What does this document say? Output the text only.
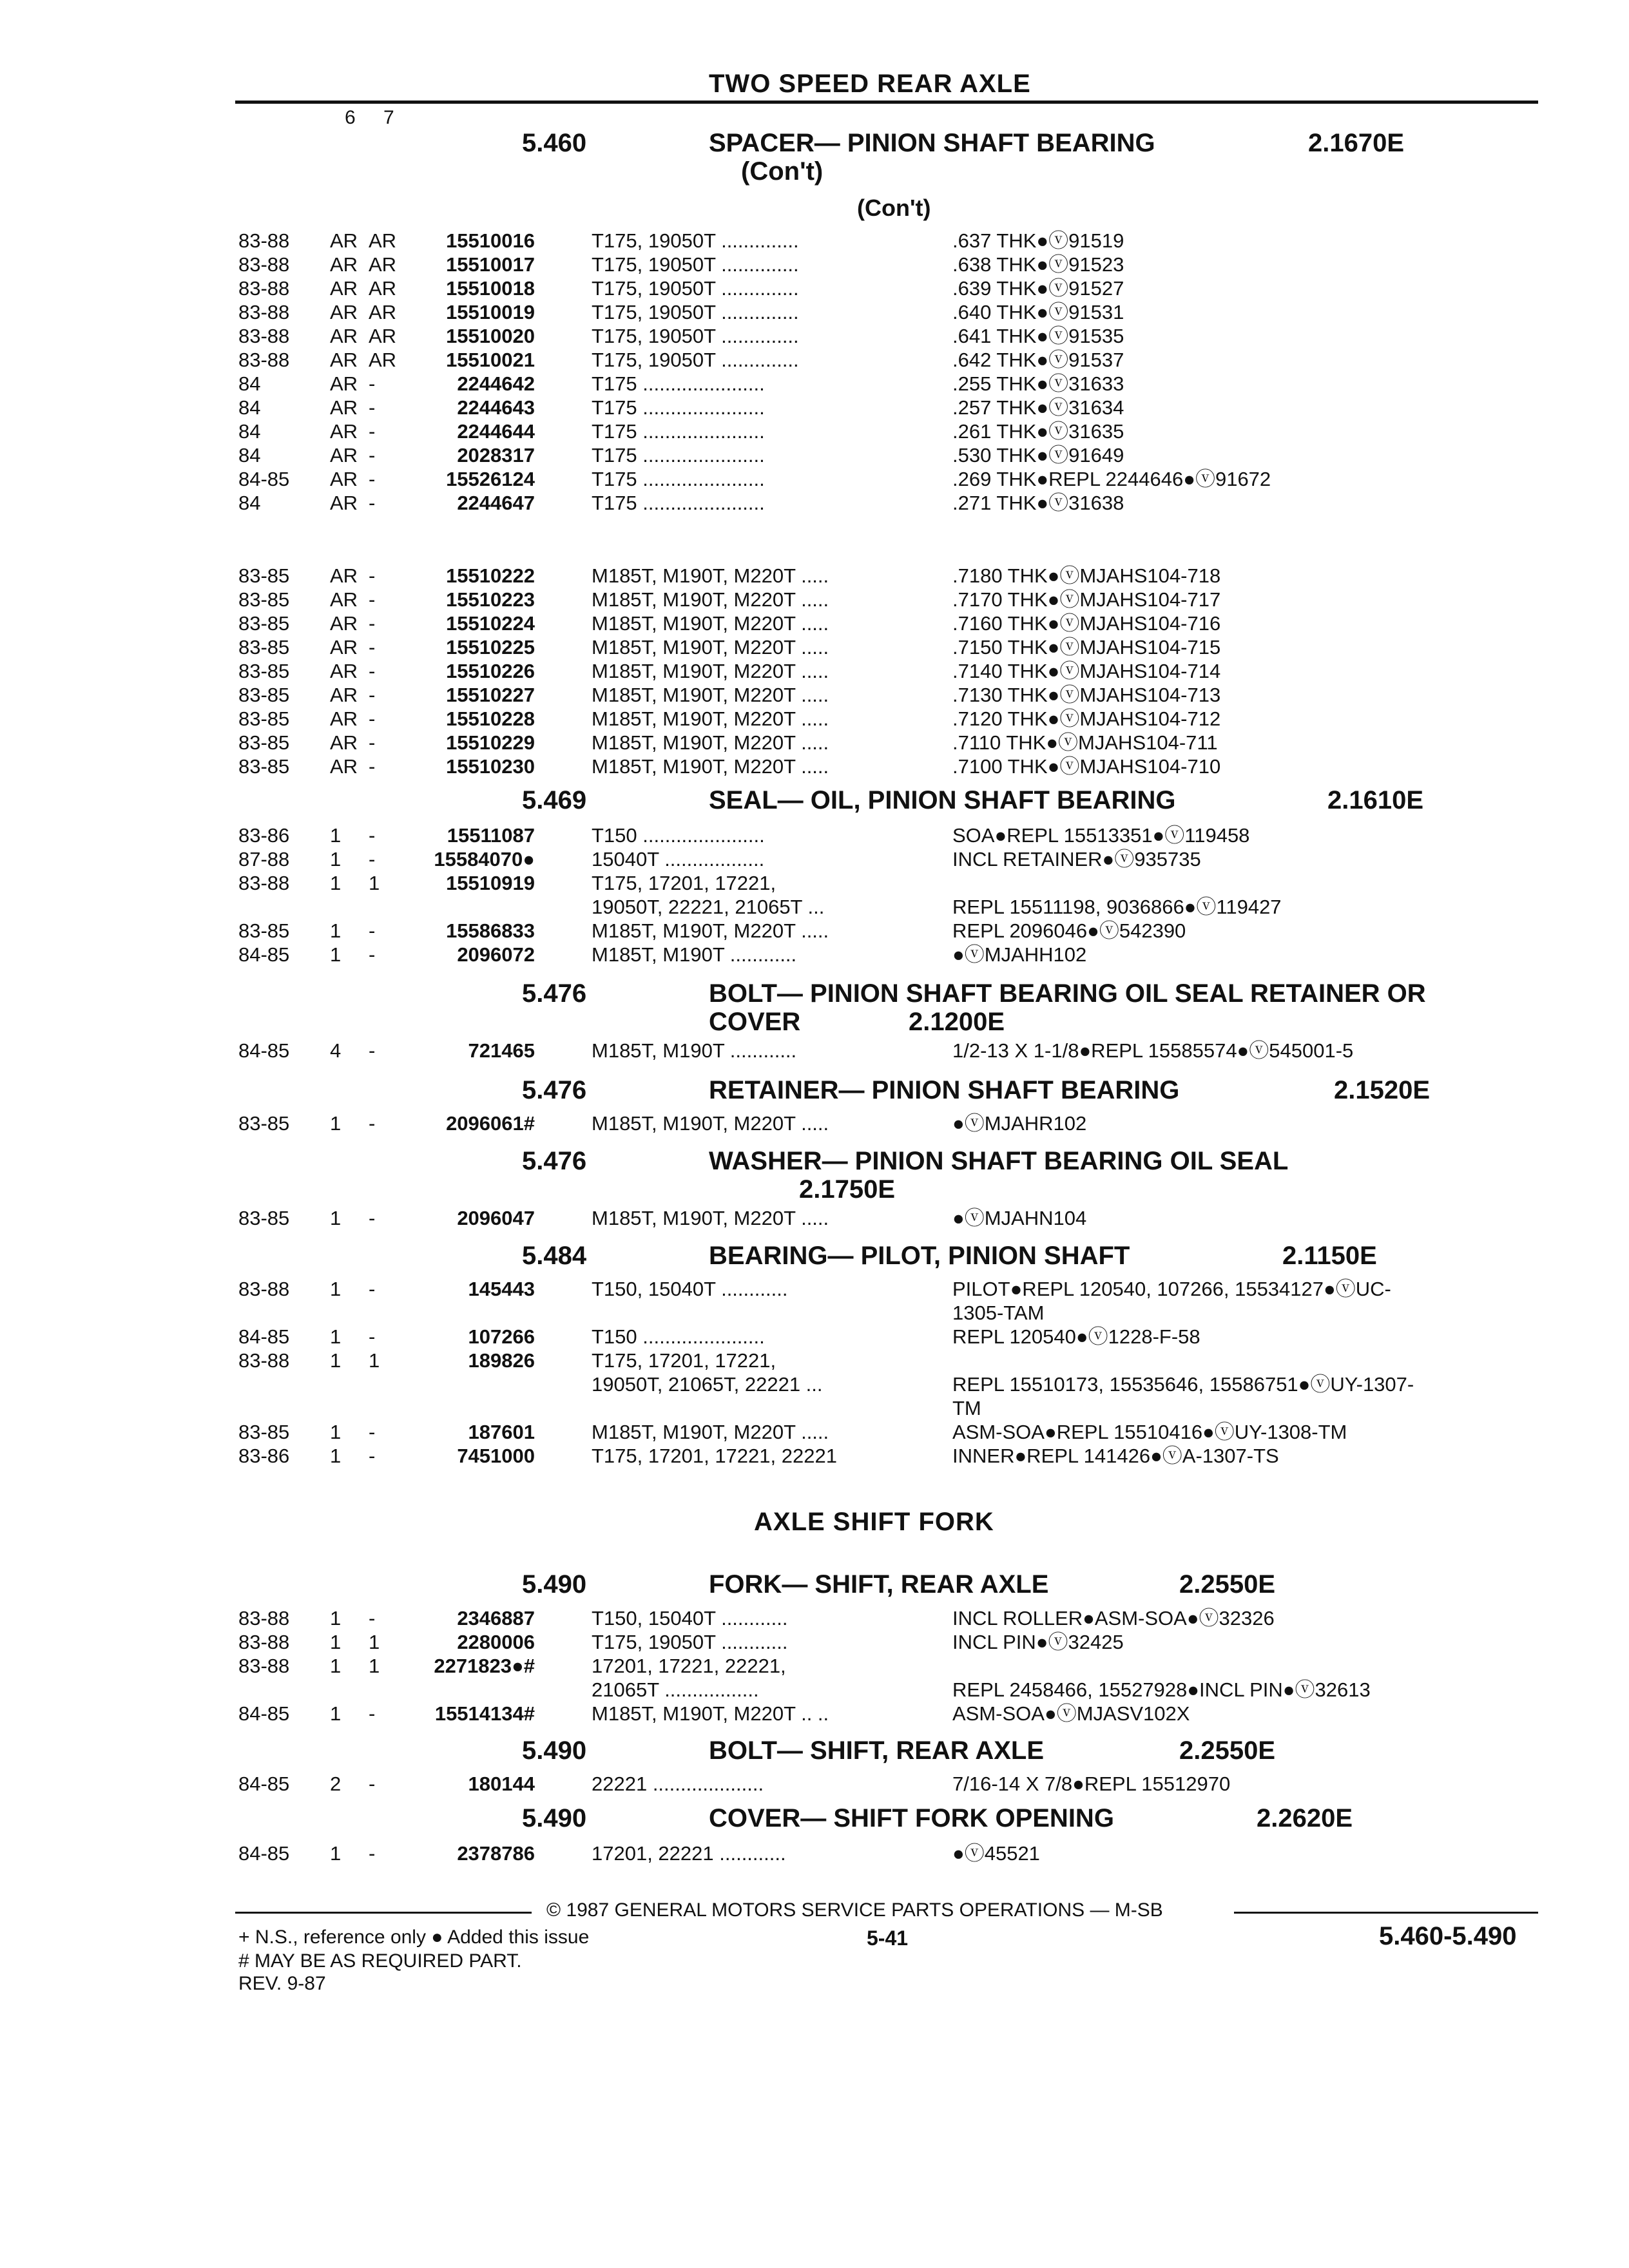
TWO SPEED REAR AXLE
6 7
5.460	SPACER— PINION SHAFT BEARING	2.1670E
(Con't)
(Con't)
83-88 AR AR	15510016	T175, 19050T ..............	.637 THK●ⓥ91519
83-88 AR AR	15510017	T175, 19050T ..............	.638 THK●ⓥ91523
83-88 AR AR	15510018	T175, 19050T ..............	.639 THK●ⓥ91527
83-88 AR AR	15510019	T175, 19050T ..............	.640 THK●ⓥ91531
83-88 AR AR	15510020	T175, 19050T ..............	.641 THK●ⓥ91535
83-88 AR AR	15510021	T175, 19050T ..............	.642 THK●ⓥ91537
84	AR -	2244642	T175 ......................	.255 THK●ⓥ31633
84	AR -	2244643	T175 ......................	.257 THK●ⓥ31634
84	AR -	2244644	T175 ......................	.261 THK●ⓥ31635
84	AR -	2028317	T175 ......................	.530 THK●ⓥ91649
84-85 AR -	15526124	T175 ......................	.269 THK●REPL 2244646●ⓥ91672
84	AR -	2244647	T175 ......................	.271 THK●ⓥ31638
83-85 AR -	15510222	M185T, M190T, M220T .....	.7180 THK●ⓥMJAHS104-718
83-85 AR -	15510223	M185T, M190T, M220T .....	.7170 THK●ⓥMJAHS104-717
83-85 AR -	15510224	M185T, M190T, M220T .....	.7160 THK●ⓥMJAHS104-716
83-85 AR -	15510225	M185T, M190T, M220T .....	.7150 THK●ⓥMJAHS104-715
83-85 AR -	15510226	M185T, M190T, M220T .....	.7140 THK●ⓥMJAHS104-714
83-85 AR -	15510227	M185T, M190T, M220T .....	.7130 THK●ⓥMJAHS104-713
83-85 AR -	15510228	M185T, M190T, M220T .....	.7120 THK●ⓥMJAHS104-712
83-85 AR -	15510229	M185T, M190T, M220T .....	.7110 THK●ⓥMJAHS104-711
83-85 AR -	15510230	M185T, M190T, M220T .....	.7100 THK●ⓥMJAHS104-710
5.469	SEAL— OIL, PINION SHAFT BEARING	2.1610E
83-86 1 -	15511087	T150 ......................	SOA●REPL 15513351●ⓥ119458
87-88 1 -	15584070●	15040T ..................	INCL RETAINER●ⓥ935735
83-88 1 1	15510919	T175, 17201, 17221,
19050T, 22221, 21065T ...	REPL 15511198, 9036866●ⓥ119427
83-85 1 -	15586833	M185T, M190T, M220T .....	REPL 2096046●ⓥ542390
84-85 1 -	2096072	M185T, M190T ............	●ⓥMJAHH102
5.476	BOLT— PINION SHAFT BEARING OIL SEAL RETAINER OR
COVER	2.1200E
84-85 4 -	721465	M185T, M190T ............	1/2-13 X 1-1/8●REPL 15585574●ⓥ545001-5
5.476	RETAINER— PINION SHAFT BEARING	2.1520E
83-85 1 -	2096061#	M185T, M190T, M220T .....	●ⓥMJAHR102
5.476	WASHER— PINION SHAFT BEARING OIL SEAL
2.1750E
83-85 1 -	2096047	M185T, M190T, M220T .....	●ⓥMJAHN104
5.484	BEARING— PILOT, PINION SHAFT	2.1150E
83-88 1 -	145443	T150, 15040T ............	PILOT●REPL 120540, 107266, 15534127●ⓥUC-
1305-TAM
84-85 1 -	107266	T150 ......................	REPL 120540●ⓥ1228-F-58
83-88 1 1	189826	T175, 17201, 17221,
19050T, 21065T, 22221 ...	REPL 15510173, 15535646, 15586751●ⓥUY-1307-
TM
83-85 1 -	187601	M185T, M190T, M220T .....	ASM-SOA●REPL 15510416●ⓥUY-1308-TM
83-86 1 -	7451000	T175, 17201, 17221, 22221	INNER●REPL 141426●ⓥA-1307-TS
AXLE SHIFT FORK
5.490	FORK— SHIFT, REAR AXLE	2.2550E
83-88 1 -	2346887	T150, 15040T ............	INCL ROLLER●ASM-SOA●ⓥ32326
83-88 1 1	2280006	T175, 19050T ............	INCL PIN●ⓥ32425
83-88 1 1	2271823●#	17201, 17221, 22221,
21065T .................	REPL 2458466, 15527928●INCL PIN●ⓥ32613
84-85 1 -	15514134#	M185T, M190T, M220T .. ..	ASM-SOA●ⓥMJASV102X
5.490	BOLT— SHIFT, REAR AXLE	2.2550E
84-85 2 -	180144	22221 ....................	7/16-14 X 7/8●REPL 15512970
5.490	COVER— SHIFT FORK OPENING	2.2620E
84-85 1 -	2378786	17201, 22221 ............	●ⓥ45521
© 1987 GENERAL MOTORS SERVICE PARTS OPERATIONS — M-SB
+ N.S., reference only ● Added this issue	5-41	5.460-5.490
# MAY BE AS REQUIRED PART.
REV. 9-87
